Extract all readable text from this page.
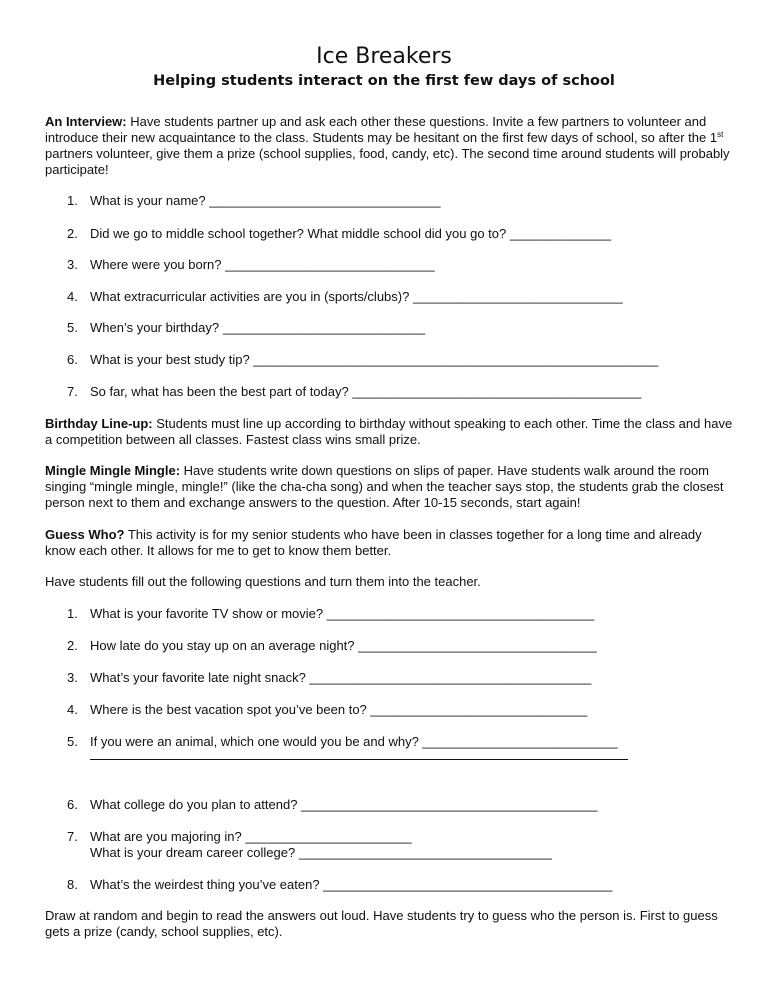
Ice Breakers
Helping students interact on the first few days of school
An Interview: Have students partner up and ask each other these questions. Invite a few partners to volunteer and introduce their new acquaintance to the class. Students may be hesitant on the first few days of school, so after the 1st partners volunteer, give them a prize (school supplies, food, candy, etc). The second time around students will probably participate!
1. What is your name? ________________________________
2. Did we go to middle school together? What middle school did you go to? ______________
3. Where were you born? _____________________________
4. What extracurricular activities are you in (sports/clubs)? _____________________________
5. When’s your birthday? ____________________________
6. What is your best study tip? ________________________________________________________
7. So far, what has been the best part of today? ________________________________________
Birthday Line-up: Students must line up according to birthday without speaking to each other. Time the class and have a competition between all classes. Fastest class wins small prize.
Mingle Mingle Mingle: Have students write down questions on slips of paper. Have students walk around the room singing “mingle mingle, mingle!” (like the cha-cha song) and when the teacher says stop, the students grab the closest person next to them and exchange answers to the question. After 10-15 seconds, start again!
Guess Who? This activity is for my senior students who have been in classes together for a long time and already know each other. It allows for me to get to know them better.
Have students fill out the following questions and turn them into the teacher.
1. What is your favorite TV show or movie? _____________________________________
2. How late do you stay up on an average night? _________________________________
3. What’s your favorite late night snack? _______________________________________
4. Where is the best vacation spot you’ve been to? ______________________________
5. If you were an animal, which one would you be and why? ___________________________
6. What college do you plan to attend? _________________________________________
7. What are you majoring in? _______________________
What is your dream career college? ___________________________________
8. What’s the weirdest thing you’ve eaten? ________________________________________
Draw at random and begin to read the answers out loud. Have students try to guess who the person is. First to guess gets a prize (candy, school supplies, etc).
